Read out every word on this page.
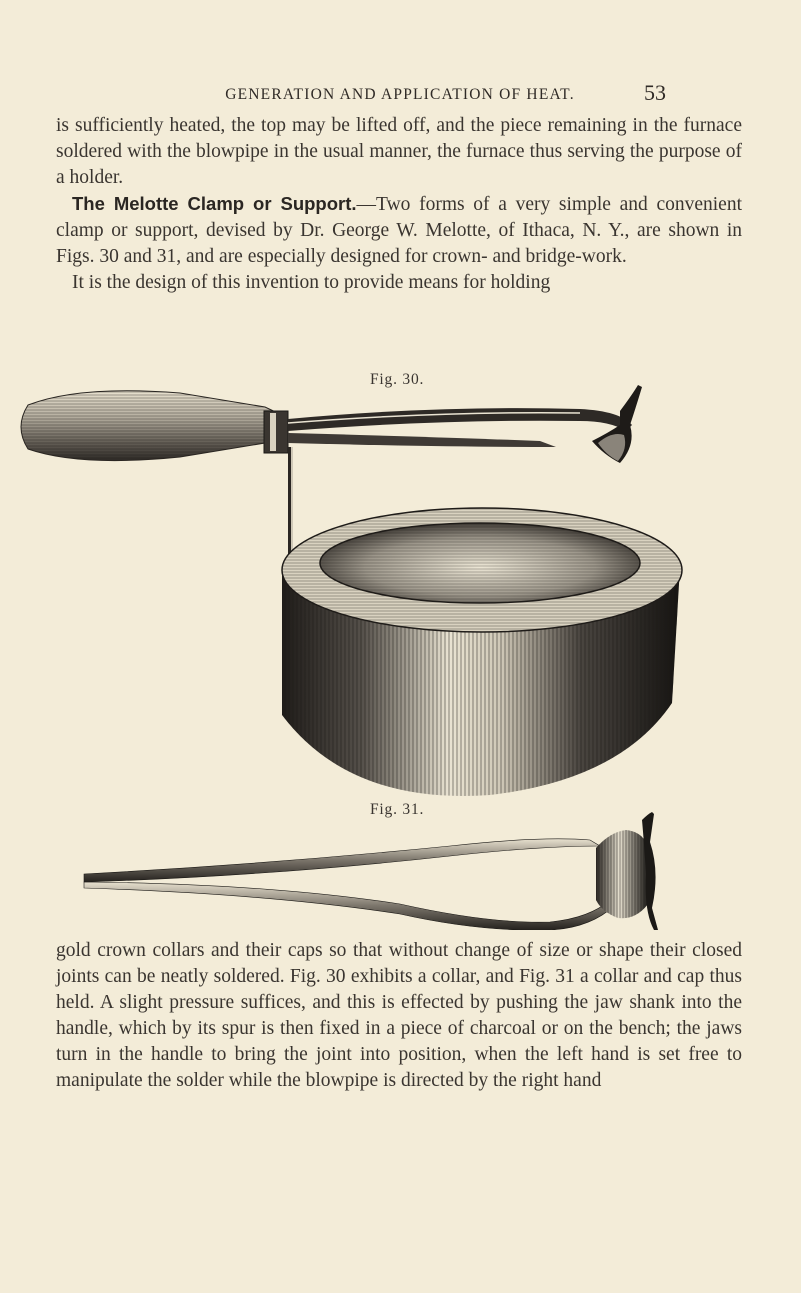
GENERATION AND APPLICATION OF HEAT.	53

is sufficiently heated, the top may be lifted off, and the piece remaining in the furnace soldered with the blowpipe in the usual manner, the furnace thus serving the purpose of a holder.

The Melotte Clamp or Support.—Two forms of a very simple and convenient clamp or support, devised by Dr. George W. Melotte, of Ithaca, N. Y., are shown in Figs. 30 and 31, and are especially designed for crown- and bridge-work.

It is the design of this invention to provide means for holding

Fig. 30.
Fig. 31.

gold crown collars and their caps so that without change of size or shape their closed joints can be neatly soldered. Fig. 30 exhibits a collar, and Fig. 31 a collar and cap thus held. A slight pressure suffices, and this is effected by pushing the jaw shank into the handle, which by its spur is then fixed in a piece of charcoal or on the bench; the jaws turn in the handle to bring the joint into position, when the left hand is set free to manipulate the solder while the blowpipe is directed by the right hand
